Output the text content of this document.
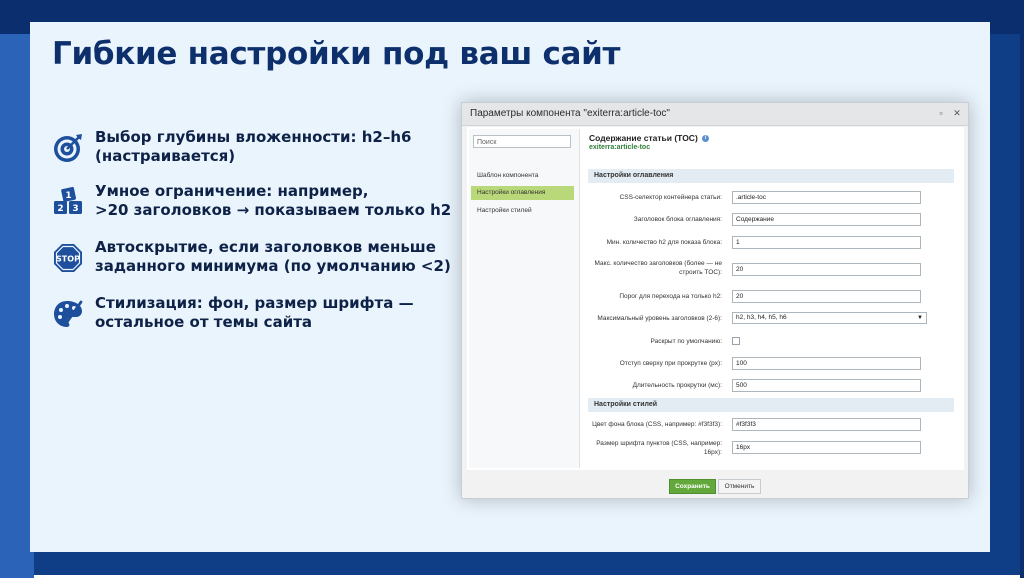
Гибкие настройки под ваш сайт
Выбор глубины вложенности: h2–h6
(настраивается)
2 3
1 Умное ограничение: например,
>20 заголовков → показываем только h2
STOP
Автоскрытие, если заголовков меньше
заданного минимума (по умолчанию <2)
Стилизация: фон, размер шрифта —
остальное от темы сайта
Параметры компонента "exiterra:article-toc"	▫	✕
Поиск
Шаблон компонента
Настройки оглавления
Настройки стилей
Содержание статьи (TOC) i
exiterra:article-toc
Настройки оглавления
CSS-селектор контейнера статьи:	.article-toc
Заголовок блока оглавления:	Содержание
Мин. количество h2 для показа блока:	1
Макс. количество заголовков (более — не строить TOC):	20
Порог для перехода на только h2:	20
Максимальный уровень заголовков (2-6):	h2, h3, h4, h5, h6	▼
Раскрыт по умолчанию:
Отступ сверху при прокрутке (px):	100
Длительность прокрутки (мс):	500
Настройки стилей
Цвет фона блока (CSS, например: #f3f3f3):	#f3f3f3
Размер шрифта пунктов (CSS, например: 16px):
16px
Сохранить	Отменить
